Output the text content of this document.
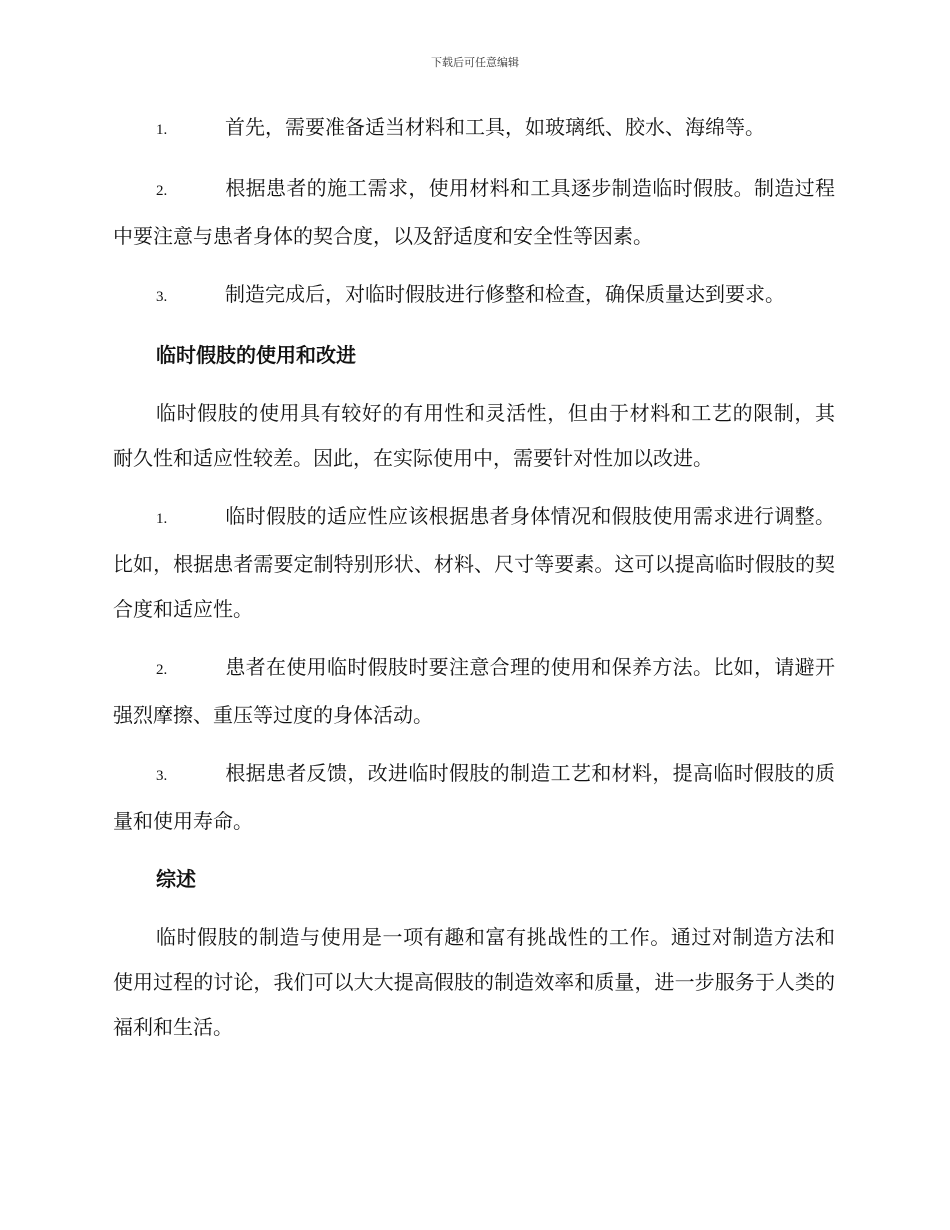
下载后可任意编辑

1.	首先，需要准备适当材料和工具，如玻璃纸、胶水、海绵等。

2.	根据患者的施工需求，使用材料和工具逐步制造临时假肢。制造过程中要注意与患者身体的契合度，以及舒适度和安全性等因素。

3.	制造完成后，对临时假肢进行修整和检查，确保质量达到要求。

临时假肢的使用和改进

临时假肢的使用具有较好的有用性和灵活性，但由于材料和工艺的限制，其耐久性和适应性较差。因此，在实际使用中，需要针对性加以改进。

1.	临时假肢的适应性应该根据患者身体情况和假肢使用需求进行调整。比如，根据患者需要定制特别形状、材料、尺寸等要素。这可以提高临时假肢的契合度和适应性。

2.	患者在使用临时假肢时要注意合理的使用和保养方法。比如，请避开强烈摩擦、重压等过度的身体活动。

3.	根据患者反馈，改进临时假肢的制造工艺和材料，提高临时假肢的质量和使用寿命。

综述

临时假肢的制造与使用是一项有趣和富有挑战性的工作。通过对制造方法和使用过程的讨论，我们可以大大提高假肢的制造效率和质量，进一步服务于人类的福利和生活。
